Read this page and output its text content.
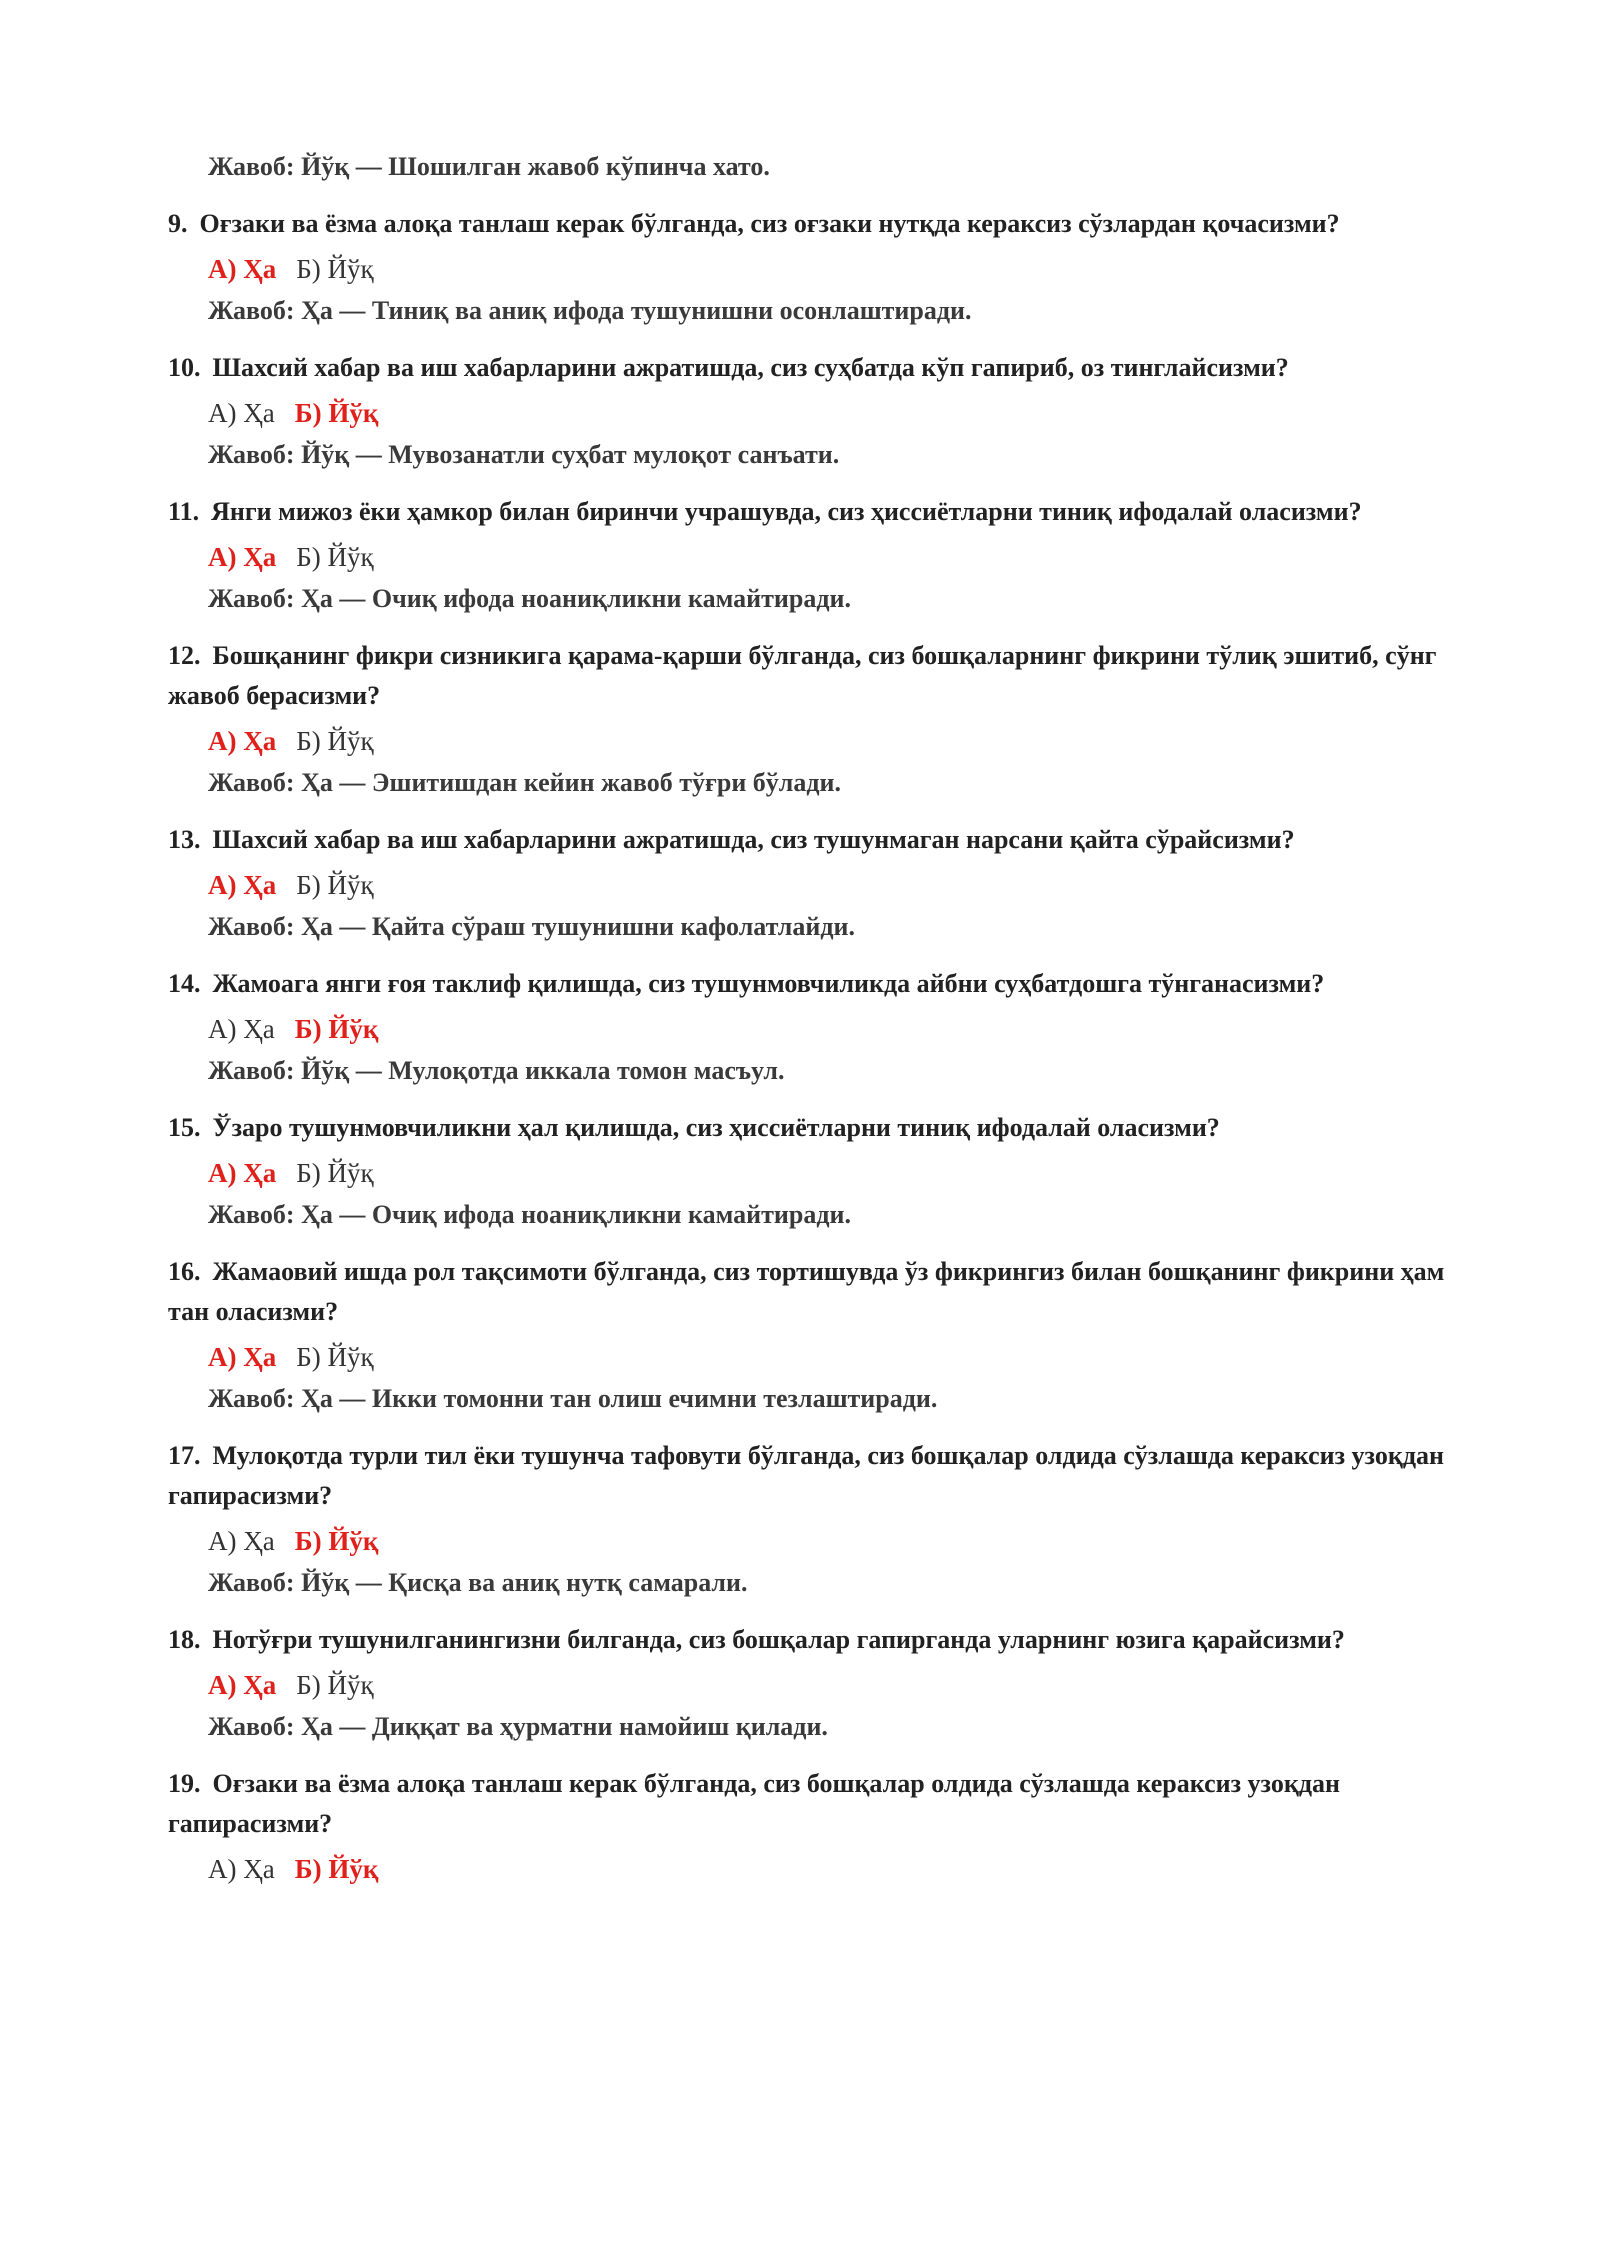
Жавоб: Йўқ — Шошилган жавоб кўпинча хато.
9. Оғзаки ва ёзма алоқа танлаш керак бўлганда, сиз оғзаки нутқда кераксиз сўзлардан қочасизми?
А) Ҳа Б) Йўқ
Жавоб: Ҳа — Тиниқ ва аниқ ифода тушунишни осонлаштиради.
10. Шахсий хабар ва иш хабарларини ажратишда, сиз суҳбатда кўп гапириб, оз тинглайсизми?
А) Ҳа Б) Йўқ
Жавоб: Йўқ — Мувозанатли суҳбат мулоқот санъати.
11. Янги мижоз ёки ҳамкор билан биринчи учрашувда, сиз ҳиссиётларни тиниқ ифодалай оласизми?
А) Ҳа Б) Йўқ
Жавоб: Ҳа — Очиқ ифода ноаниқликни камайтиради.
12. Бошқанинг фикри сизникига қарама-қарши бўлганда, сиз бошқаларнинг фикрини тўлиқ эшитиб, сўнг жавоб берасизми?
А) Ҳа Б) Йўқ
Жавоб: Ҳа — Эшитишдан кейин жавоб тўғри бўлади.
13. Шахсий хабар ва иш хабарларини ажратишда, сиз тушунмаган нарсани қайта сўрайсизми?
А) Ҳа Б) Йўқ
Жавоб: Ҳа — Қайта сўраш тушунишни кафолатлайди.
14. Жамоага янги ғоя таклиф қилишда, сиз тушунмовчиликда айбни суҳбатдошга тўнганасизми?
А) Ҳа Б) Йўқ
Жавоб: Йўқ — Мулоқотда иккала томон масъул.
15. Ўзаро тушунмовчиликни ҳал қилишда, сиз ҳиссиётларни тиниқ ифодалай оласизми?
А) Ҳа Б) Йўқ
Жавоб: Ҳа — Очиқ ифода ноаниқликни камайтиради.
16. Жамаовий ишда рол тақсимоти бўлганда, сиз тортишувда ўз фикрингиз билан бошқанинг фикрини ҳам тан оласизми?
А) Ҳа Б) Йўқ
Жавоб: Ҳа — Икки томонни тан олиш ечимни тезлаштиради.
17. Мулоқотда турли тил ёки тушунча тафовути бўлганда, сиз бошқалар олдида сўзлашда кераксиз узоқдан гапирасизми?
А) Ҳа Б) Йўқ
Жавоб: Йўқ — Қисқа ва аниқ нутқ самарали.
18. Нотўғри тушунилганингизни билганда, сиз бошқалар гапирганда уларнинг юзига қарайсизми?
А) Ҳа Б) Йўқ
Жавоб: Ҳа — Диққат ва ҳурматни намойиш қилади.
19. Оғзаки ва ёзма алоқа танлаш керак бўлганда, сиз бошқалар олдида сўзлашда кераксиз узоқдан гапирасизми?
А) Ҳа Б) Йўқ
